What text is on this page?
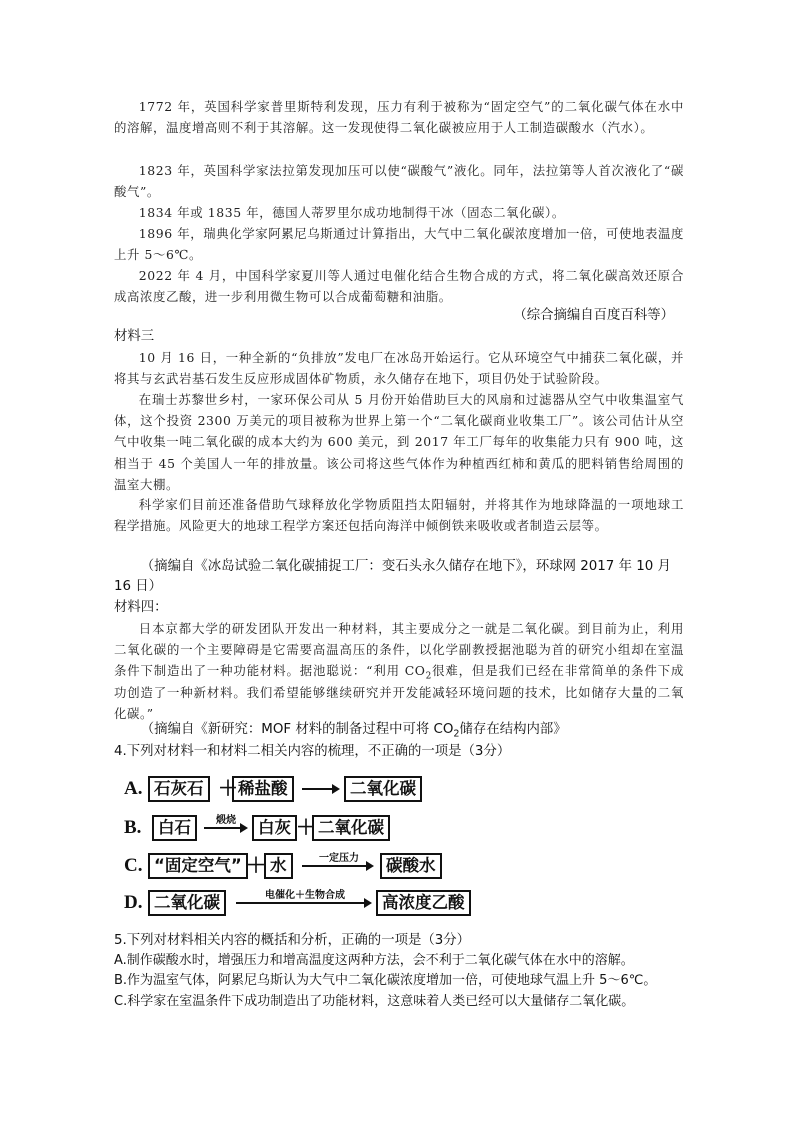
1772 年，英国科学家普里斯特利发现，压力有利于被称为“固定空气”的二氧化碳气体在水中的溶解，温度增高则不利于其溶解。这一发现使得二氧化碳被应用于人工制造碳酸水（汽水）。

1823 年，英国科学家法拉第发现加压可以使“碳酸气”液化。同年，法拉第等人首次液化了“碳酸气”。

1834 年或 1835 年，德国人蒂罗里尔成功地制得干冰（固态二氧化碳）。

1896 年，瑞典化学家阿累尼乌斯通过计算指出，大气中二氧化碳浓度增加一倍，可使地表温度上升 5～6℃。

2022 年 4 月，中国科学家夏川等人通过电催化结合生物合成的方式，将二氧化碳高效还原合成高浓度乙酸，进一步利用微生物可以合成葡萄糖和油脂。

（综合摘编自百度百科等）

材料三

10 月 16 日，一种全新的“负排放”发电厂在冰岛开始运行。它从环境空气中捕获二氧化碳，并将其与玄武岩基石发生反应形成固体矿物质，永久储存在地下，项目仍处于试验阶段。

在瑞士苏黎世乡村，一家环保公司从 5 月份开始借助巨大的风扇和过滤器从空气中收集温室气体，这个投资 2300 万美元的项目被称为世界上第一个“二氧化碳商业收集工厂”。该公司估计从空气中收集一吨二氧化碳的成本大约为 600 美元，到 2017 年工厂每年的收集能力只有 900 吨，这相当于 45 个美国人一年的排放量。该公司将这些气体作为种植西红柿和黄瓜的肥料销售给周围的温室大棚。

科学家们目前还准备借助气球释放化学物质阻挡太阳辐射，并将其作为地球降温的一项地球工程学措施。风险更大的地球工程学方案还包括向海洋中倾倒铁来吸收或者制造云层等。

（摘编自《冰岛试验二氧化碳捕捉工厂：变石头永久储存在地下》，环球网 2017 年 10 月 16 日）

材料四：

日本京都大学的研发团队开发出一种材料，其主要成分之一就是二氧化碳。到目前为止，利用二氧化碳的一个主要障碍是它需要高温高压的条件，以化学副教授据池聪为首的研究小组却在室温条件下制造出了一种功能材料。据池聪说：“利用 $CO_2$很难，但是我们已经在非常简单的条件下成功创造了一种新材料。我们希望能够继续研究并开发能减轻环境问题的技术，比如储存大量的二氧化碳。”

（摘编自《新研究：MOF 材料的制备过程中可将 $CO_2$储存在结构内部》

4.下列对材料一和材料二相关内容的梳理，不正确的一项是（3分）

A. 石灰石 ＋ 稀盐酸 → 二氧化碳
B.	白石	煅烧 → 白灰 ＋ 二氧化碳
C. “固定空气” ＋ 水	一定压力	碳酸水
D. 二氧化碳	电催化＋生物合成	高浓度乙酸

5.下列对材料相关内容的概括和分析，正确的一项是（3分）

A.制作碳酸水时，增强压力和增高温度这两种方法，会不利于二氧化碳气体在水中的溶解。

B.作为温室气体，阿累尼乌斯认为大气中二氧化碳浓度增加一倍，可使地球气温上升 5～6℃。

C.科学家在室温条件下成功制造出了功能材料，这意味着人类已经可以大量储存二氧化碳。
